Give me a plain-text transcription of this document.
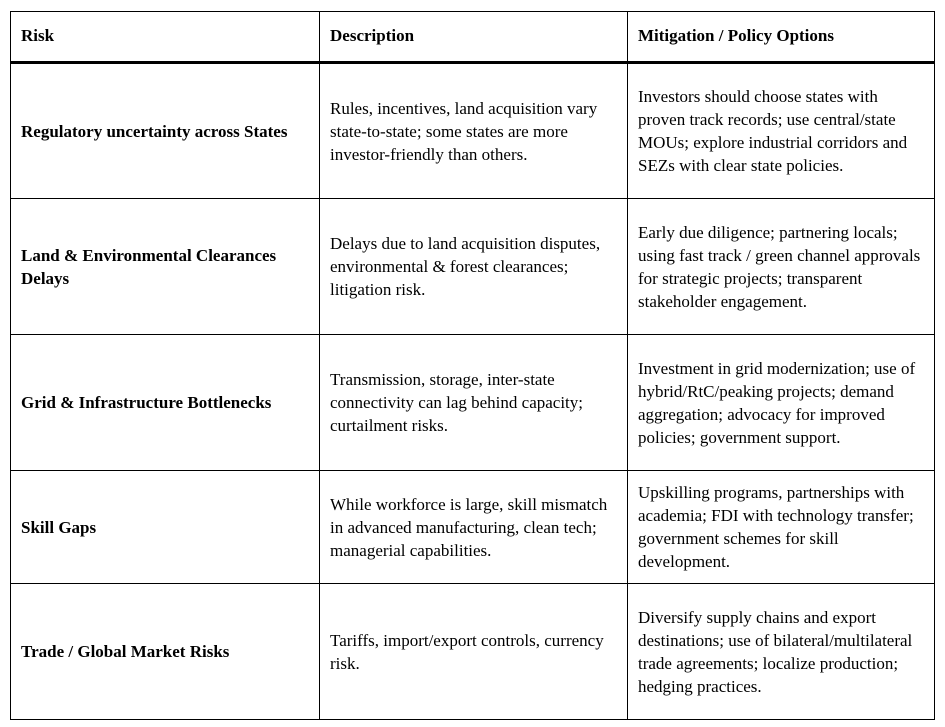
Risk	Description	Mitigation / Policy Options
Regulatory uncertainty across States	Rules, incentives, land acquisition vary state-to-state; some states are more investor-friendly than others.	Investors should choose states with proven track records; use central/state MOUs; explore industrial corridors and SEZs with clear state policies.
Land & Environmental Clearances Delays	Delays due to land acquisition disputes, environmental & forest clearances; litigation risk.	Early due diligence; partnering locals; using fast track / green channel approvals for strategic projects; transparent stakeholder engagement.
Grid & Infrastructure Bottlenecks	Transmission, storage, inter-state connectivity can lag behind capacity; curtailment risks.	Investment in grid modernization; use of hybrid/RtC/peaking projects; demand aggregation; advocacy for improved policies; government support.
Skill Gaps	While workforce is large, skill mismatch in advanced manufacturing, clean tech; managerial capabilities.	Upskilling programs, partnerships with academia; FDI with technology transfer; government schemes for skill development.
Trade / Global Market Risks	Tariffs, import/export controls, currency risk.	Diversify supply chains and export destinations; use of bilateral/multilateral trade agreements; localize production; hedging practices.
